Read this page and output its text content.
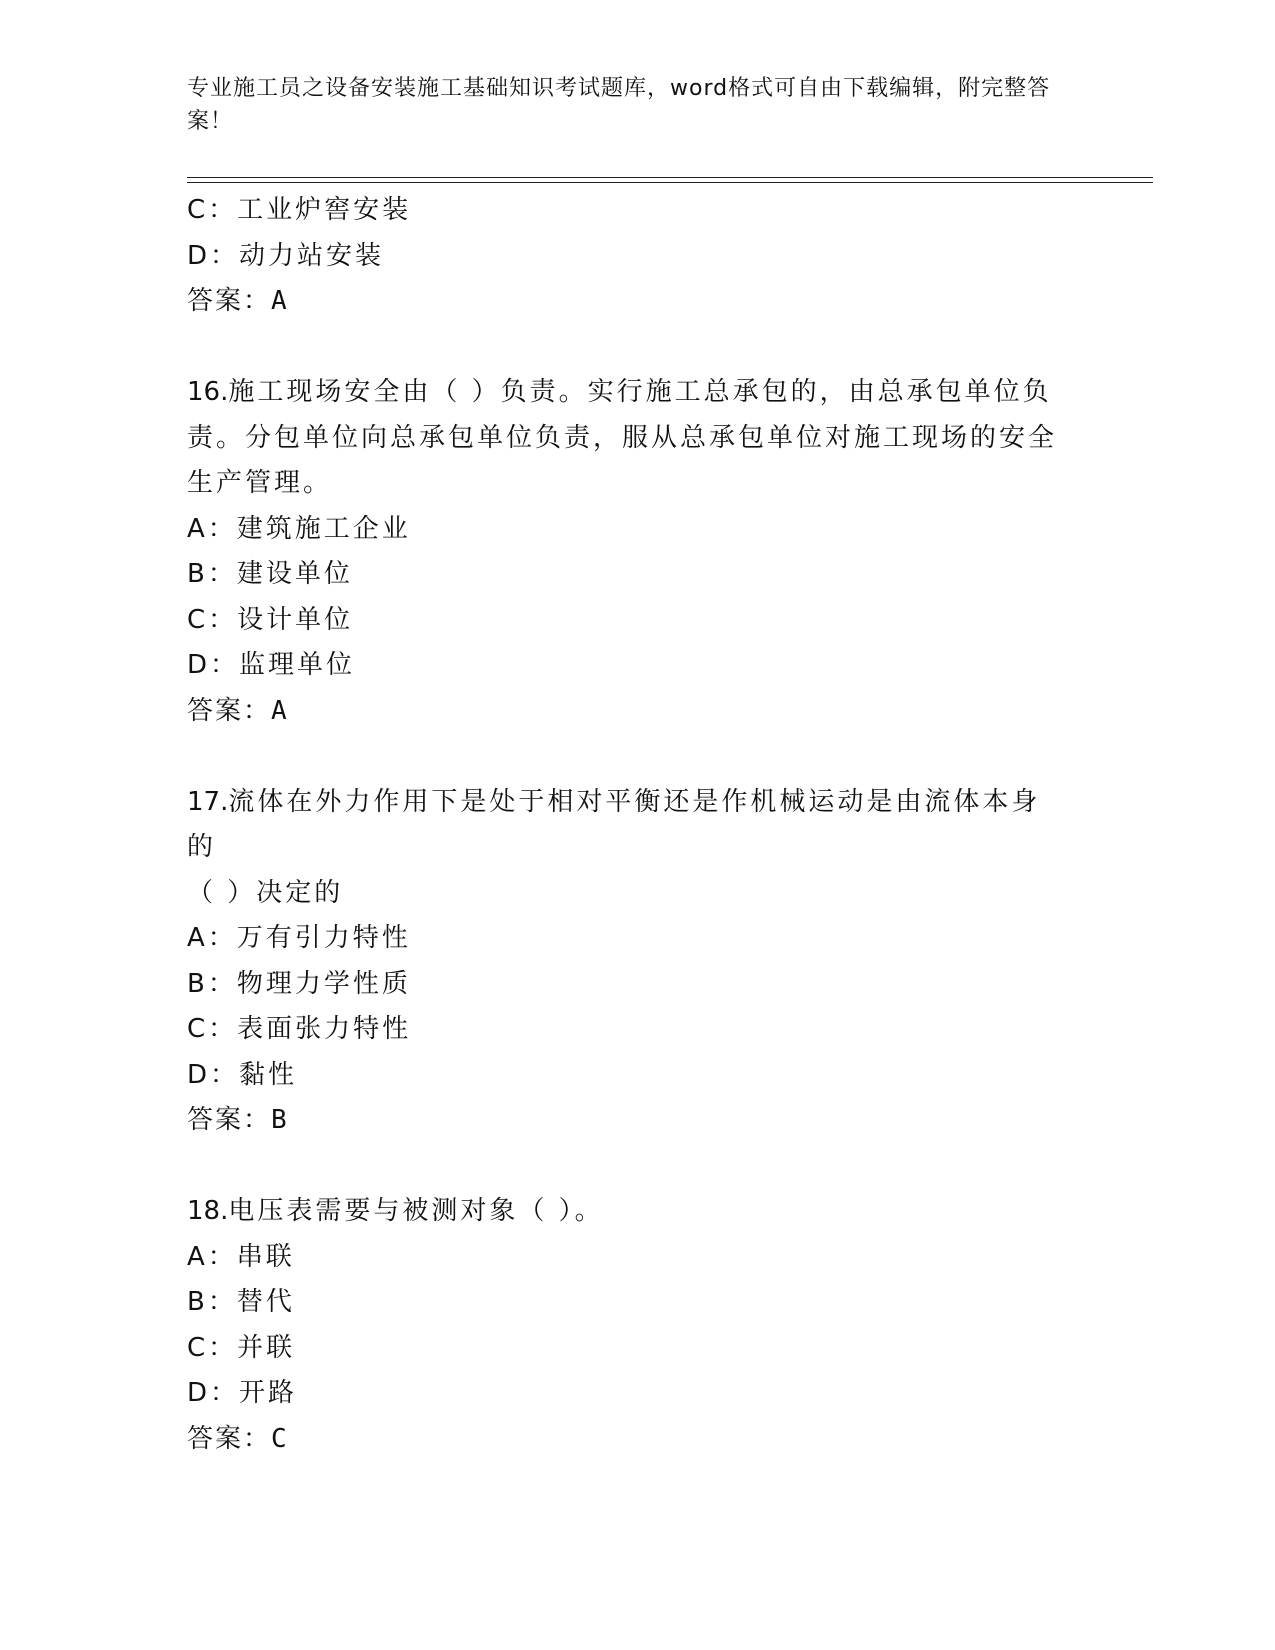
专业施工员之设备安装施工基础知识考试题库，word格式可自由下载编辑，附完整答案！
C：工业炉窖安装
D：动力站安装
答案：A
16.施工现场安全由（ ）负责。实行施工总承包的，由总承包单位负
责。分包单位向总承包单位负责，服从总承包单位对施工现场的安全
生产管理。
A：建筑施工企业
B：建设单位
C：设计单位
D：监理单位
答案：A
17.流体在外力作用下是处于相对平衡还是作机械运动是由流体本身的
（ ）决定的
A：万有引力特性
B：物理力学性质
C：表面张力特性
D：黏性
答案：B
18.电压表需要与被测对象（ ）。
A：串联
B：替代
C：并联
D：开路
答案：C
